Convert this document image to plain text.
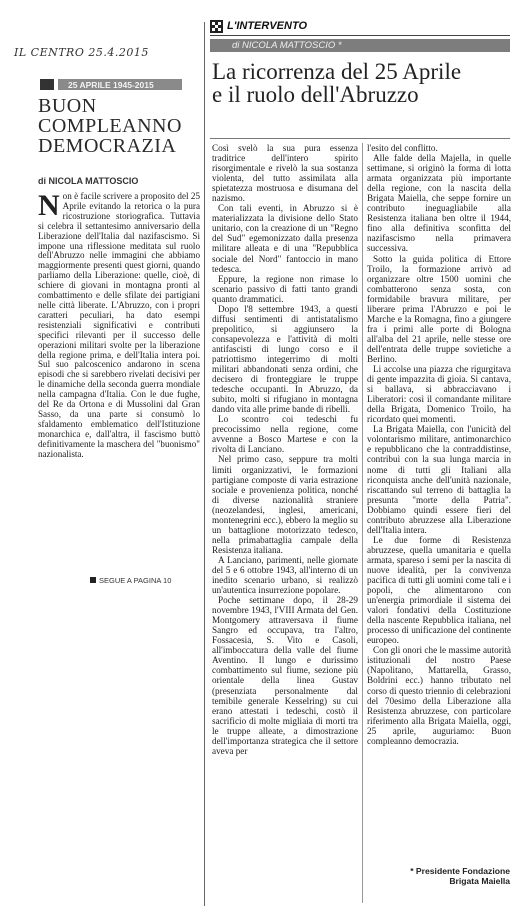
IL CENTRO 25.4.2015
25 APRILE 1945-2015
BUON
COMPLEANNO
DEMOCRAZIA
di NICOLA MATTOSCIO
N on è facile scrivere a proposito del 25 Aprile evitando la retorica o la pura ricostruzione storiografica. Tuttavia si celebra il settantesimo anniversario della Liberazione dell'Italia dal nazifascismo. Si impone una riflessione meditata sul ruolo dell'Abruzzo nelle immagini che abbiamo maggiormente presenti quest giorni, quando parliamo della Liberazione: quelle, cioè, di schiere di giovani in montagna pronti al combattimento e delle sfilate dei partigiani nelle città liberate. L'Abruzzo, con i propri caratteri peculiari, ha dato esempi resistenziali significativi e contributi specifici rilevanti per il successo delle operazioni militari svolte per la liberazione della regione prima, e dell'Italia intera poi. Sul suo palcoscenico andarono in scena episodi che si sarebbero rivelati decisivi per le dinamiche della seconda guerra mondiale nella campagna d'Italia. Con le due fughe, del Re da Ortona e di Mussolini dal Gran Sasso, da una parte si consumò lo sfaldamento emblematico dell'Istituzione monarchica e, dall'altra, il fascismo buttò definitivamente la maschera del "buonismo" nazionalista.
SEGUE A PAGINA 10
L'INTERVENTO
di NICOLA MATTOSCIO *
La ricorrenza del 25 Aprile
e il ruolo dell'Abruzzo

Così svelò la sua pura essenza traditrice dell'intero spirito risorgimentale e rivelò la sua sostanza violenta, del tutto assimilata alla spietatezza mostruosa e disumana del nazismo.

Con tali eventi, in Abruzzo si è materializzata la divisione dello Stato unitario, con la creazione di un "Regno del Sud" egemonizzato dalla presenza militare alleata e di una "Repubblica sociale del Nord" fantoccio in mano tedesca.

Eppure, la regione non rimase lo scenario passivo di fatti tanto grandi quanto drammatici.

Dopo l'8 settembre 1943, a questi diffusi sentimenti di antistatalismo prepolitico, si aggiunsero la consapevolezza e l'attività di molti antifascisti di lungo corso e il patriottismo integerrimo di molti militari abbandonati senza ordini, che decisero di fronteggiare le truppe tedesche occupanti. In Abruzzo, da subito, molti si rifugiano in montagna dando vita alle prime bande di ribelli.

Lo scontro coi tedeschi fu precocissimo nella regione, come avvenne a Bosco Martese e con la rivolta di Lanciano.

Nel primo caso, seppure tra molti limiti organizzativi, le formazioni partigiane composte di varia estrazione sociale e provenienza politica, nonché di diverse nazionalità straniere (neozelandesi, inglesi, americani, montenegrini ecc.), ebbero la meglio su un battaglione motorizzato tedesco, nella primabattaglia campale della Resistenza italiana.

A Lanciano, parimenti, nelle giornate del 5 e 6 ottobre 1943, all'interno di un inedito scenario urbano, si realizzò un'autentica insurrezione popolare.

Poche settimane dopo, il 28-29 novembre 1943, l'VIII Armata del Gen. Montgomery attraversava il fiume Sangro ed occupava, tra l'altro, Fossacesia, S. Vito e Casoli, all'imboccatura della valle del fiume Aventino. Il lungo e durissimo combattimento sul fiume, sezione più orientale della linea Gustav (presenziata personalmente dal temibile generale Kesselring) su cui erano attestati i tedeschi, costò il sacrificio di molte migliaia di morti tra le truppe alleate, a dimostrazione dell'importanza strategica che il settore aveva per

l'esito del conflitto.

Alle falde della Majella, in quelle settimane, si originò la forma di lotta armata organizzata più importante della regione, con la nascita della Brigata Maiella, che seppe fornire un contributo ineguagliabile alla Resistenza italiana ben oltre il 1944, fino alla definitiva sconfitta del nazifascismo nella primavera successiva.

Sotto la guida politica di Ettore Troilo, la formazione arrivò ad organizzare oltre 1500 uomini che combatterono senza sosta, con formidabile bravura militare, per liberare prima l'Abruzzo e poi le Marche e la Romagna, fino a giungere fra i primi alle porte di Bologna all'alba del 21 aprile, nelle stesse ore dell'entrata delle truppe sovietiche a Berlino.

Li accolse una piazza che rigurgitava di gente impazzita di gioia. Si cantava, si ballava, si abbracciavano i Liberatori: così il comandante militare della Brigata, Domenico Troilo, ha ricordato quei momenti.

La Brigata Maiella, con l'unicità del volontarismo militare, antimonarchico e repubblicano che la contraddistinse, contribuì con la sua lunga marcia in nome di tutti gli Italiani alla riconquista anche dell'unità nazionale, riscattando sul terreno di battaglia la presunta "morte della Patria". Dobbiamo quindi essere fieri del contributo abruzzese alla Liberazione dell'Italia intera.

Le due forme di Resistenza abruzzese, quella umanitaria e quella armata, spareso i semi per la nascita di nuove idealità, per la convivenza pacifica di tutti gli uomini come tali e i popoli, che alimentarono con un'energia primordiale il sistema dei valori fondativi della Costituzione della nascente Repubblica italiana, nel processo di unificazione del continente europeo.

Con gli onori che le massime autorità istituzionali del nostro Paese (Napolitano, Mattarella, Grasso, Boldrini ecc.) hanno tributato nel corso di questo triennio di celebrazioni del 70esimo della Liberazione alla Resistenza abruzzese, con particolare riferimento alla Brigata Maiella, oggi, 25 aprile, auguriamo: Buon compleanno democrazia.

* Presidente Fondazione
Brigata Maiella
